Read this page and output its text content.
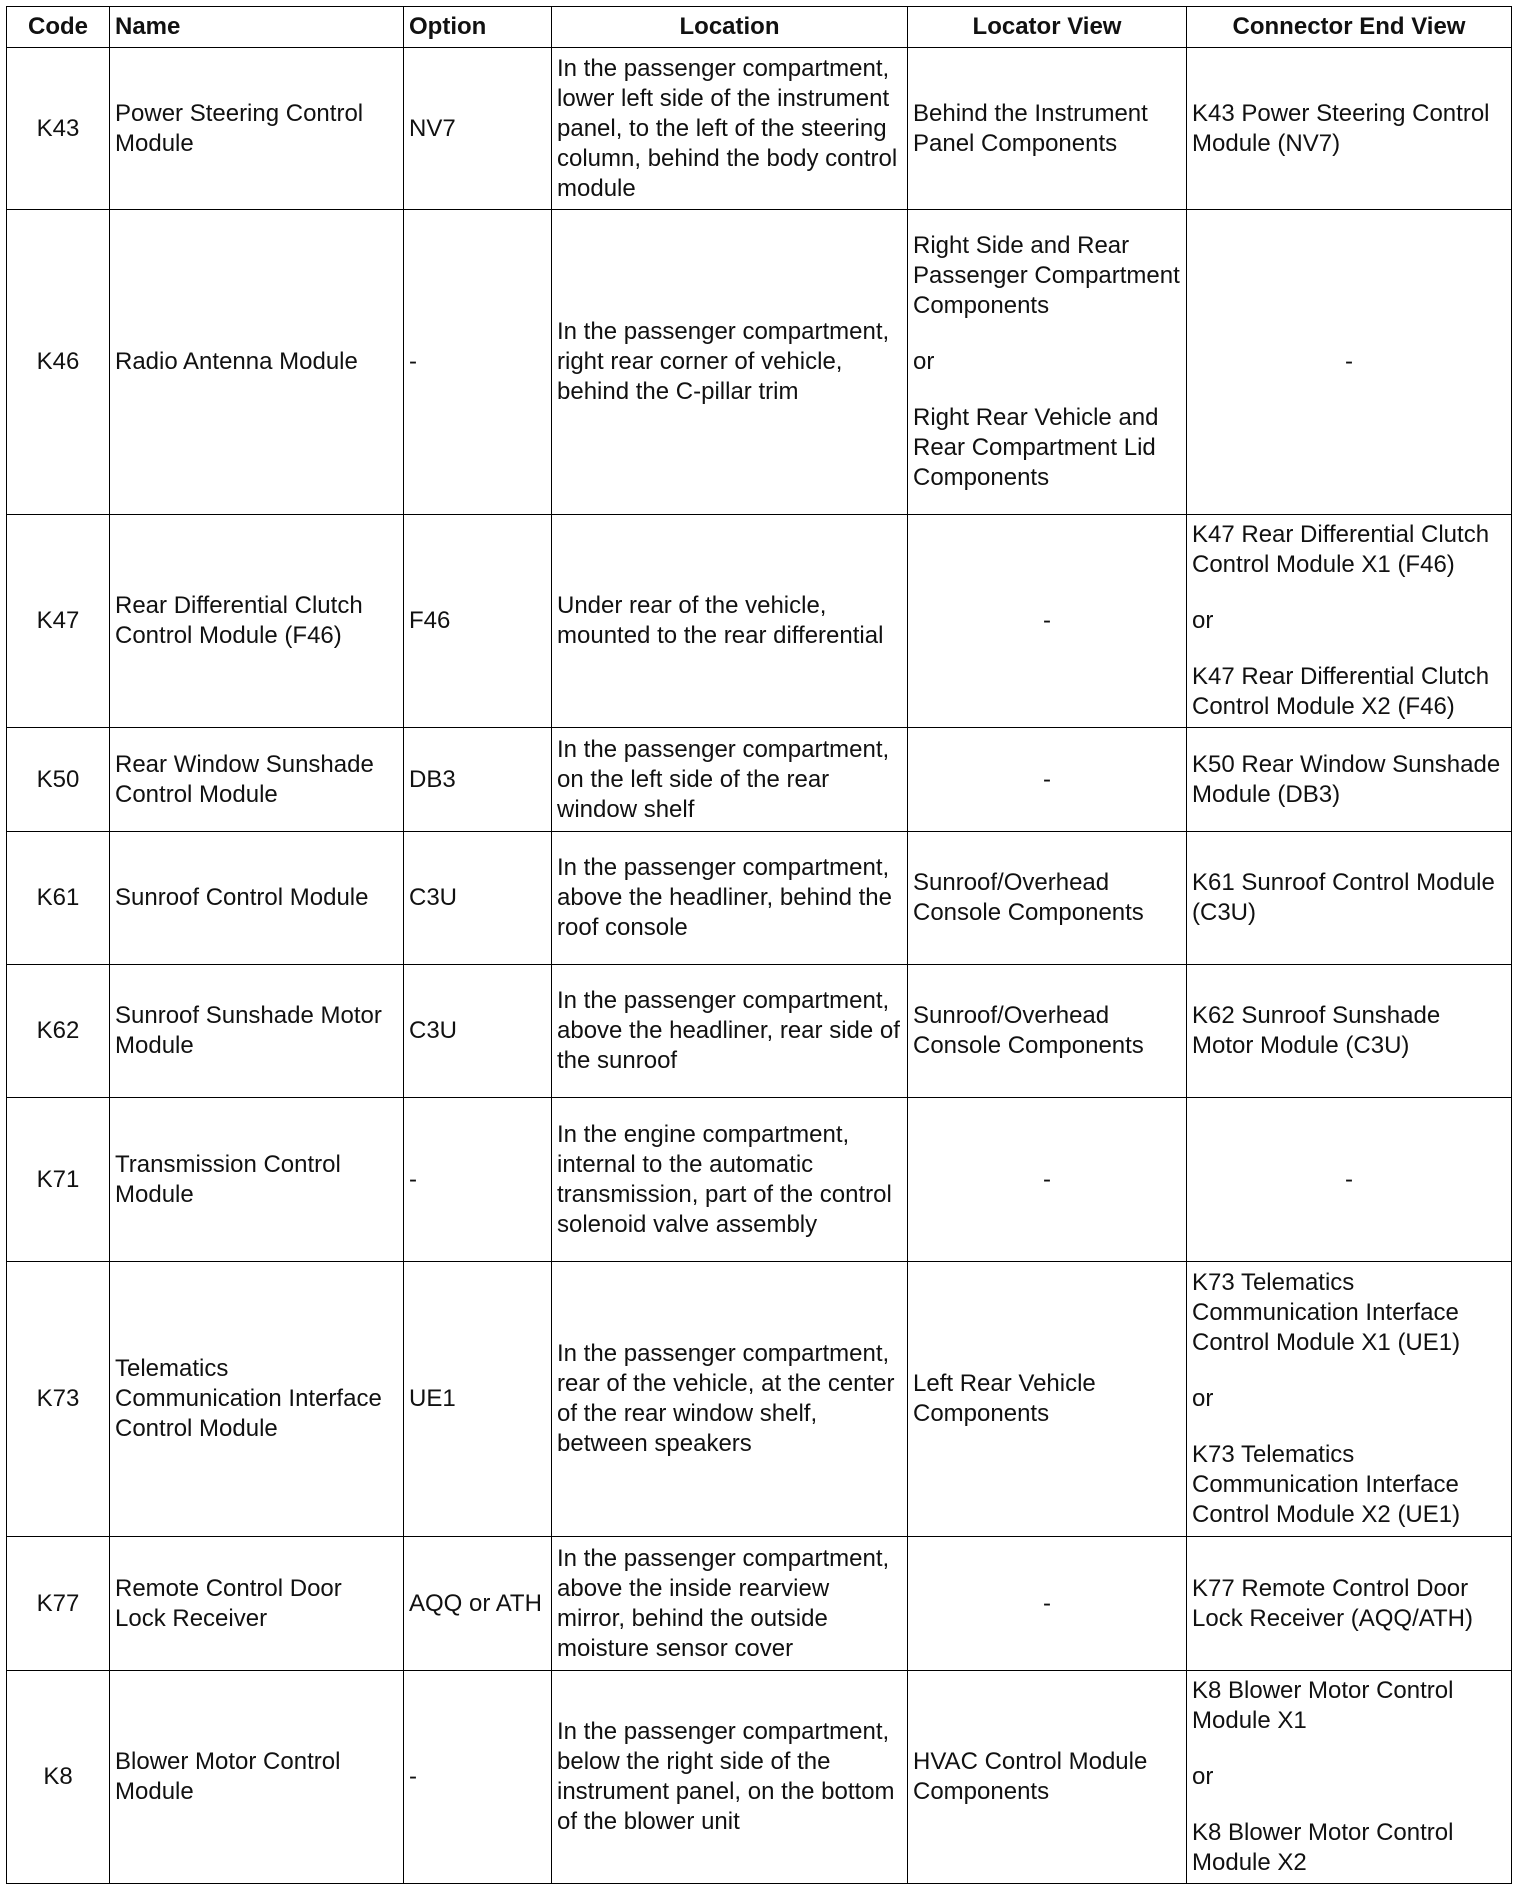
Code	Name	Option	Location	Locator View	Connector End View
K43	Power Steering Control Module	NV7	In the passenger compartment, lower left side of the instrument panel, to the left of the steering column, behind the body control module	Behind the Instrument Panel Components	K43 Power Steering Control Module (NV7)

K46	Radio Antenna Module	-	In the passenger compartment, right rear corner of vehicle, behind the C-pillar trim	Right Side and Rear Passenger Compartment Components
or
Right Rear Vehicle and Rear Compartment Lid Components	-

K47	Rear Differential Clutch Control Module (F46)	F46	Under rear of the vehicle, mounted to the rear differential	-	K47 Rear Differential Clutch Control Module X1 (F46)
or
K47 Rear Differential Clutch Control Module X2 (F46)

K50	Rear Window Sunshade Control Module	DB3	In the passenger compartment, on the left side of the rear window shelf	-	K50 Rear Window Sunshade Module (DB3)

K61	Sunroof Control Module	C3U	In the passenger compartment, above the headliner, behind the roof console	Sunroof/Overhead Console Components	K61 Sunroof Control Module (C3U)

K62	Sunroof Sunshade Motor Module	C3U	In the passenger compartment, above the headliner, rear side of the sunroof	Sunroof/Overhead Console Components	K62 Sunroof Sunshade Motor Module (C3U)

K71	Transmission Control Module	-	In the engine compartment, internal to the automatic transmission, part of the control solenoid valve assembly	-	-

K73	Telematics Communication Interface Control Module	UE1	In the passenger compartment, rear of the vehicle, at the center of the rear window shelf, between speakers	Left Rear Vehicle Components	K73 Telematics Communication Interface Control Module X1 (UE1)
or
K73 Telematics Communication Interface Control Module X2 (UE1)

K77	Remote Control Door Lock Receiver	AQQ or ATH	In the passenger compartment, above the inside rearview mirror, behind the outside moisture sensor cover	-	K77 Remote Control Door Lock Receiver (AQQ/ATH)

K8	Blower Motor Control Module	-	In the passenger compartment, below the right side of the instrument panel, on the bottom of the blower unit	HVAC Control Module Components	K8 Blower Motor Control Module X1
or
K8 Blower Motor Control Module X2
